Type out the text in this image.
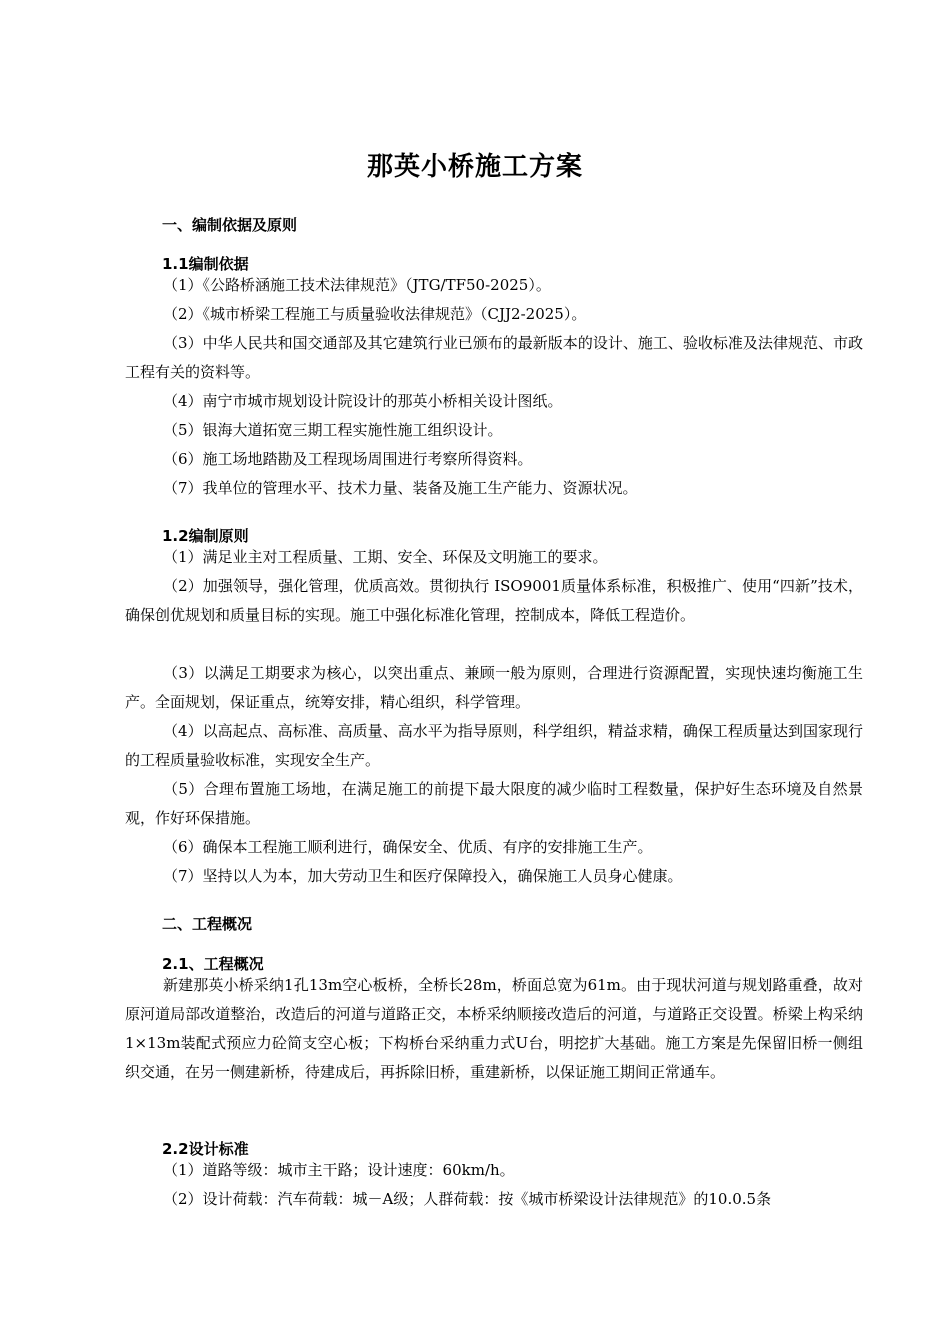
那英小桥施工方案
一、编制依据及原则
1.1编制依据
（1）《公路桥涵施工技术法律规范》（JTG/TF50-2025）。
（2）《城市桥梁工程施工与质量验收法律规范》（CJJ2-2025）。
（3）中华人民共和国交通部及其它建筑行业已颁布的最新版本的设计、施工、验收标准及法律规范、市政工程有关的资料等。
（4）南宁市城市规划设计院设计的那英小桥相关设计图纸。
（5）银海大道拓宽三期工程实施性施工组织设计。
（6）施工场地踏勘及工程现场周围进行考察所得资料。
（7）我单位的管理水平、技术力量、装备及施工生产能力、资源状况。
1.2编制原则
（1）满足业主对工程质量、工期、安全、环保及文明施工的要求。
（2）加强领导，强化管理，优质高效。贯彻执行 ISO9001质量体系标准，积极推广、使用“四新”技术，确保创优规划和质量目标的实现。施工中强化标准化管理，控制成本，降低工程造价。
（3）以满足工期要求为核心，以突出重点、兼顾一般为原则，合理进行资源配置，实现快速均衡施工生产。全面规划，保证重点，统筹安排，精心组织，科学管理。
（4）以高起点、高标准、高质量、高水平为指导原则，科学组织，精益求精，确保工程质量达到国家现行的工程质量验收标准，实现安全生产。
（5）合理布置施工场地，在满足施工的前提下最大限度的减少临时工程数量，保护好生态环境及自然景观，作好环保措施。
（6）确保本工程施工顺利进行，确保安全、优质、有序的安排施工生产。
（7）坚持以人为本，加大劳动卫生和医疗保障投入，确保施工人员身心健康。
二、工程概况
2.1、工程概况
新建那英小桥采纳1孔13m空心板桥，全桥长28m，桥面总宽为61m。由于现状河道与规划路重叠，故对原河道局部改道整治，改造后的河道与道路正交，本桥采纳顺接改造后的河道，与道路正交设置。桥梁上构采纳1×13m装配式预应力砼简支空心板；下构桥台采纳重力式U台，明挖扩大基础。施工方案是先保留旧桥一侧组织交通，在另一侧建新桥，待建成后，再拆除旧桥，重建新桥，以保证施工期间正常通车。
2.2设计标准
（1）道路等级：城市主干路；设计速度：60km/h。
（2）设计荷载：汽车荷载：城－A级；人群荷载：按《城市桥梁设计法律规范》的10.0.5条
